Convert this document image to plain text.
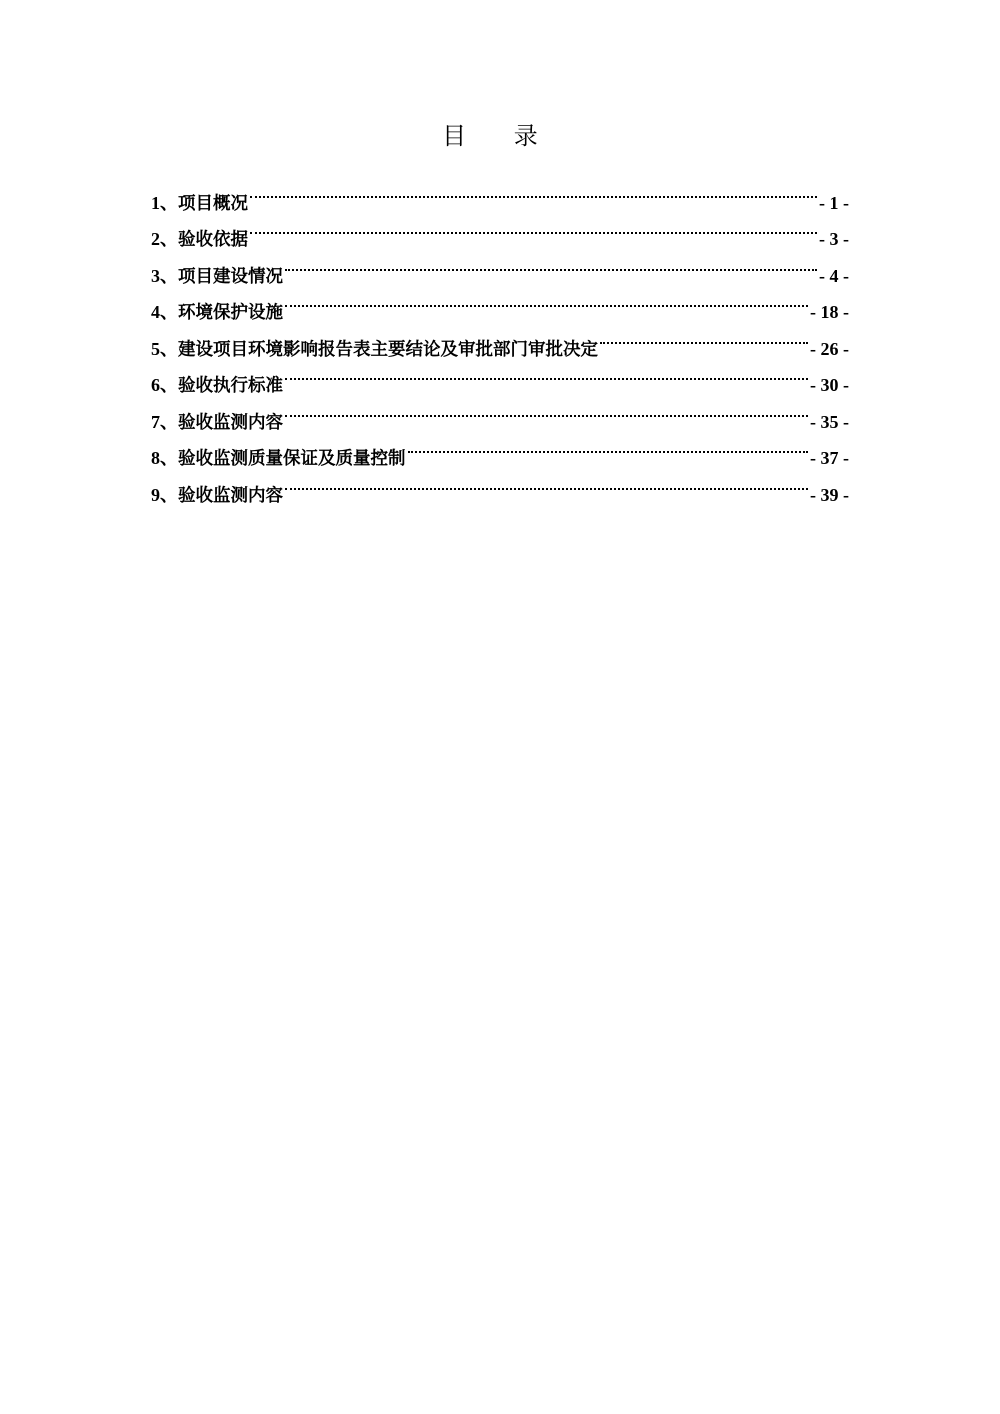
目 录
1 、 项目概况	- 1 -
2 、 验收依据	- 3 -
3 、 项目建设情况	- 4 -
4 、 环境保护设施	- 18 -
5 、 建设项目环境影响报告表主要结论及审批部门审批决定	- 26 -
6 、 验收执行标准	- 30 -
7 、 验收监测内容	- 35 -
8 、 验收监测质量保证及质量控制	- 37 -
9 、 验收监测内容	- 39 -
